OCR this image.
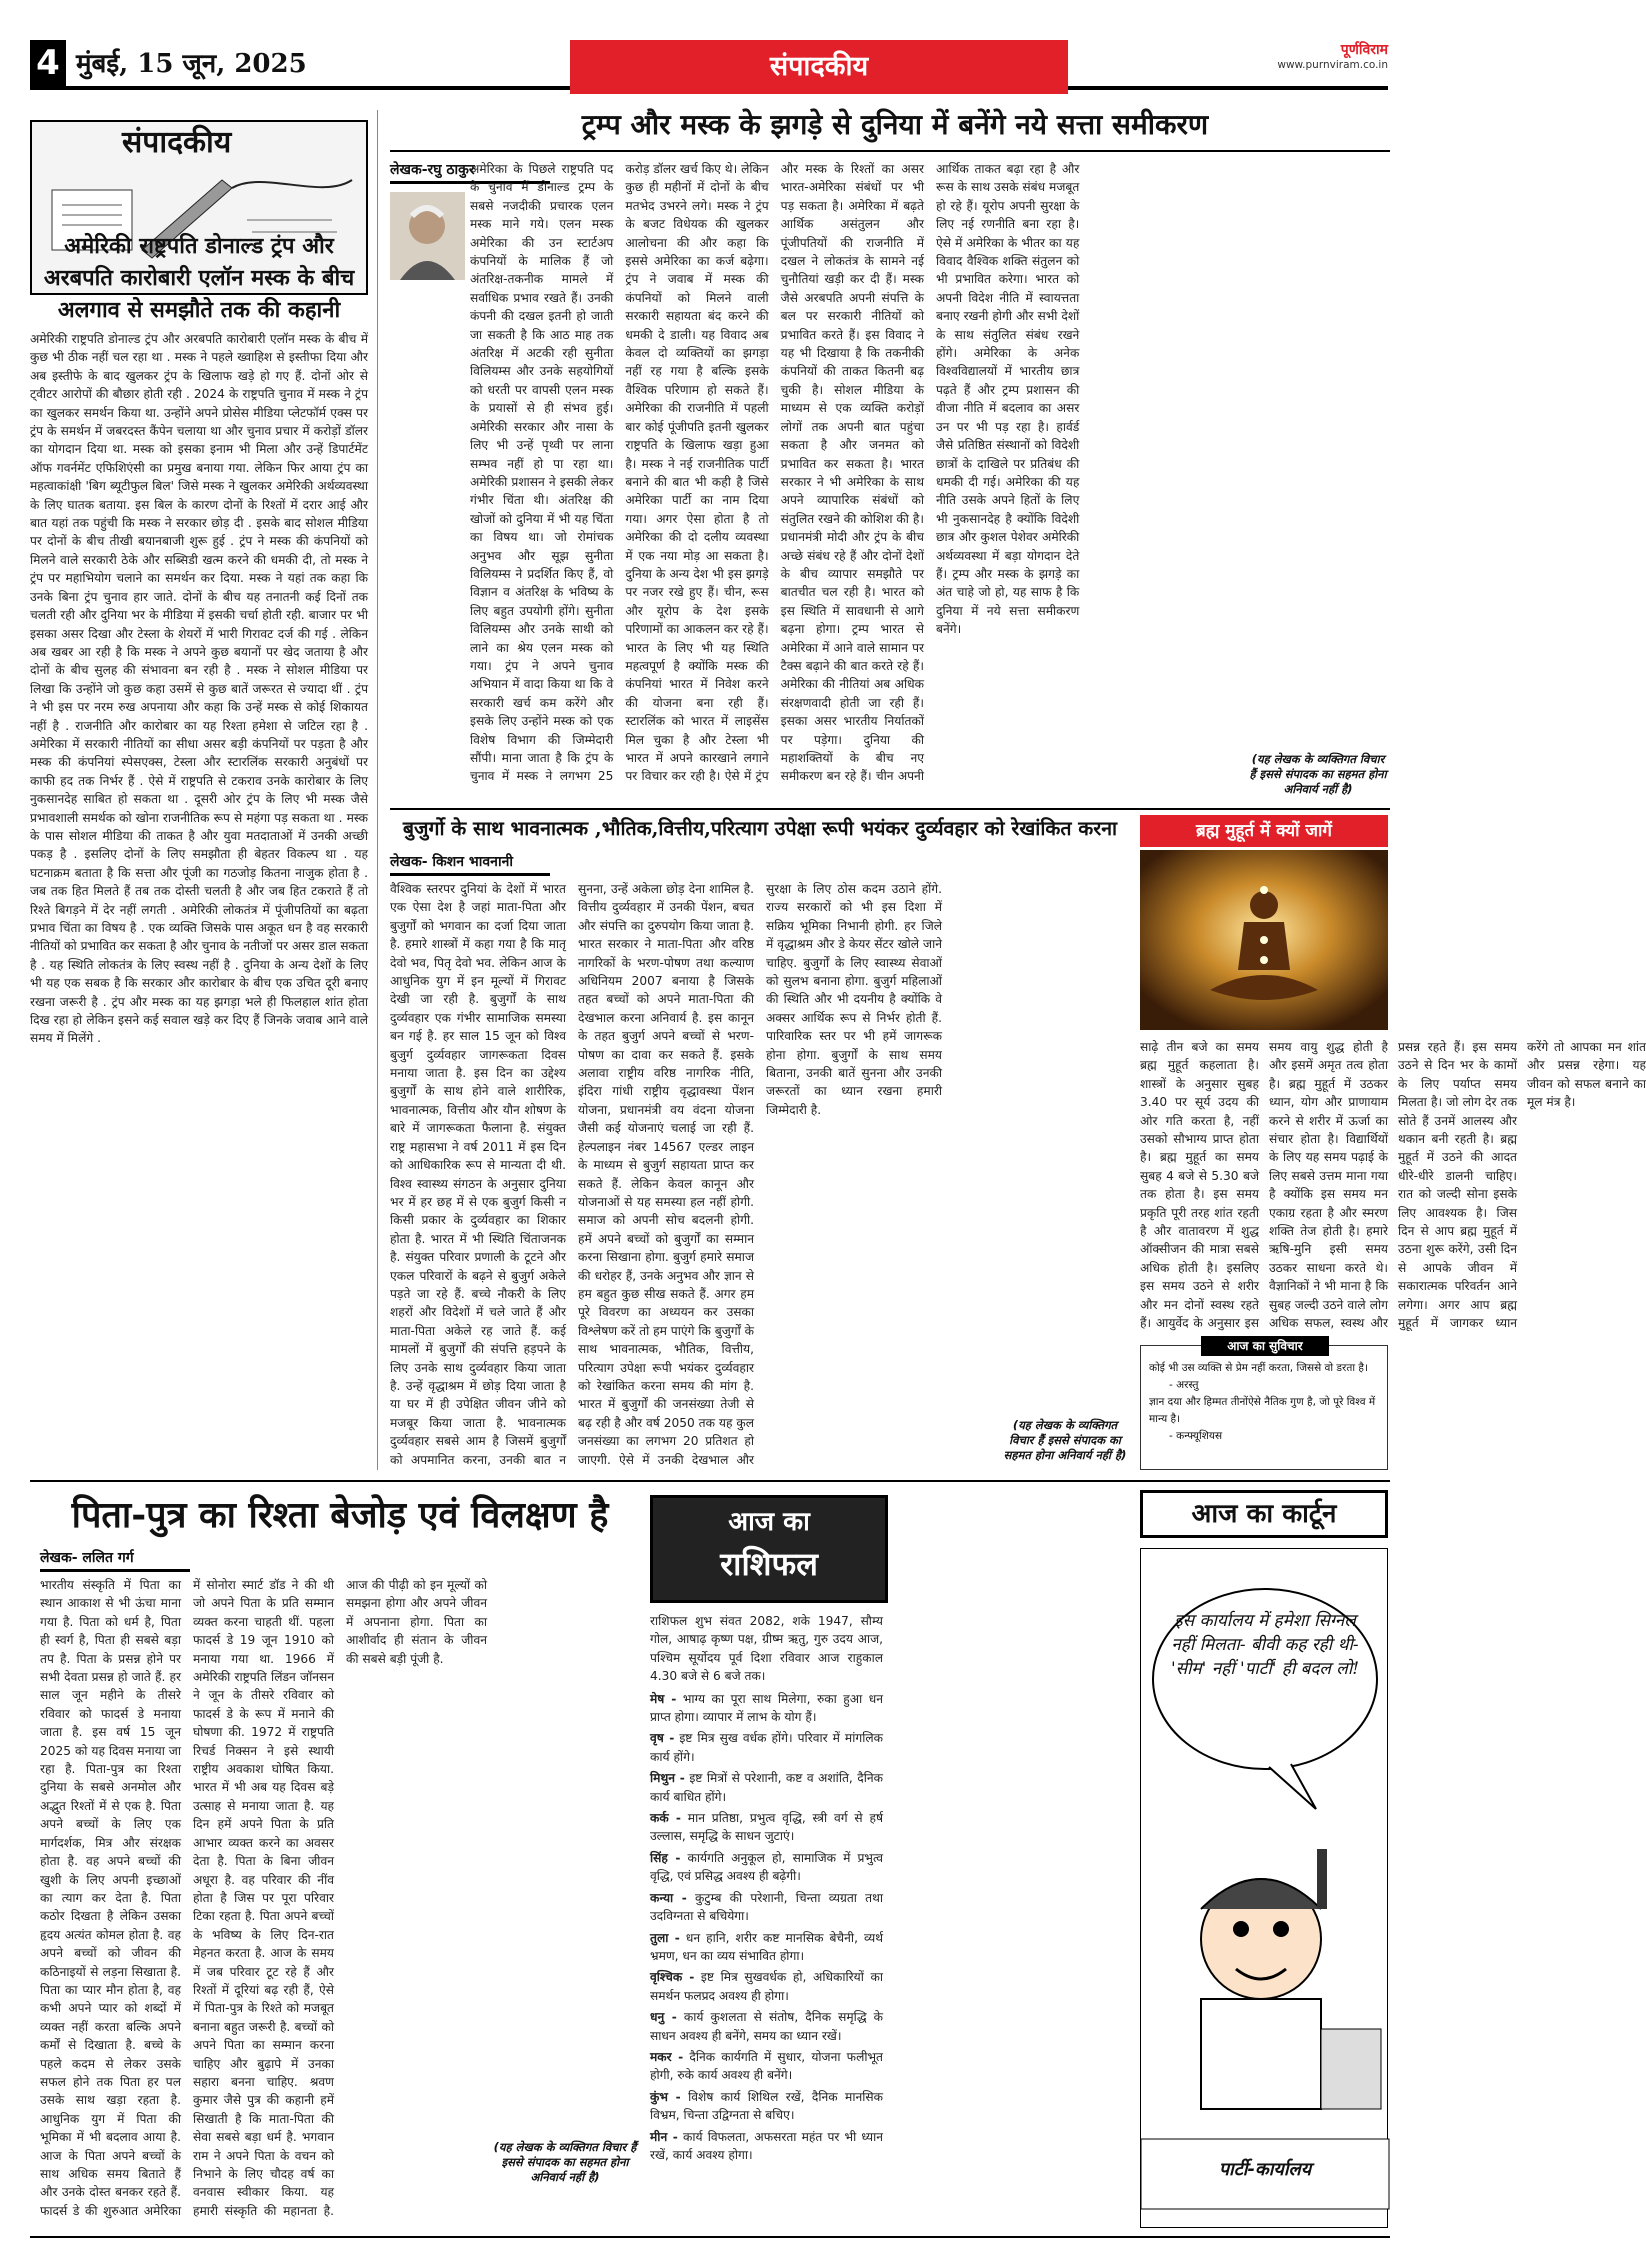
4 मुंबई, 15 जून, 2025	संपादकीय
पूर्णविराम
www.purnviram.co.in
संपादकीय
अमेरिकी राष्ट्रपति डोनाल्ड ट्रंप और अरबपति कारोबारी एलॉन मस्क के बीच अलगाव से समझौते तक की कहानी
अमेरिकी राष्ट्रपति डोनाल्ड ट्रंप और अरबपति कारोबारी एलॉन मस्क के बीच में कुछ भी ठीक नहीं चल रहा था . मस्क ने पहले ख्वाहिश से इस्तीफा दिया और अब इस्तीफे के बाद खुलकर ट्रंप के खिलाफ खड़े हो गए हैं. दोनों ओर से ट्वीटर आरोपों की बौछार होती रही . 2024 के राष्ट्रपति चुनाव में मस्क ने ट्रंप का खुलकर समर्थन किया था. उन्होंने अपने प्रोसेस मीडिया प्लेटफॉर्म एक्स पर ट्रंप के समर्थन में जबरदस्त कैंपेन चलाया था और चुनाव प्रचार में करोड़ों डॉलर का योगदान दिया था. मस्क को इसका इनाम भी मिला और उन्हें डिपार्टमेंट ऑफ गवर्नमेंट एफिशिएंसी का प्रमुख बनाया गया. लेकिन फिर आया ट्रंप का महत्वाकांक्षी 'बिग ब्यूटीफुल बिल' जिसे मस्क ने खुलकर अमेरिकी अर्थव्यवस्था के लिए घातक बताया. इस बिल के कारण दोनों के रिश्तों में दरार आई और बात यहां तक पहुंची कि मस्क ने सरकार छोड़ दी . इसके बाद सोशल मीडिया पर दोनों के बीच तीखी बयानबाजी शुरू हुई . ट्रंप ने मस्क की कंपनियों को मिलने वाले सरकारी ठेके और सब्सिडी खत्म करने की धमकी दी, तो मस्क ने ट्रंप पर महाभियोग चलाने का समर्थन कर दिया. मस्क ने यहां तक कहा कि उनके बिना ट्रंप चुनाव हार जाते. दोनों के बीच यह तनातनी कई दिनों तक चलती रही और दुनिया भर के मीडिया में इसकी चर्चा होती रही. बाजार पर भी इसका असर दिखा और टेस्ला के शेयरों में भारी गिरावट दर्ज की गई . लेकिन अब खबर आ रही है कि मस्क ने अपने कुछ बयानों पर खेद जताया है और दोनों के बीच सुलह की संभावना बन रही है . मस्क ने सोशल मीडिया पर लिखा कि उन्होंने जो कुछ कहा उसमें से कुछ बातें जरूरत से ज्यादा थीं . ट्रंप ने भी इस पर नरम रुख अपनाया और कहा कि उन्हें मस्क से कोई शिकायत नहीं है . राजनीति और कारोबार का यह रिश्ता हमेशा से जटिल रहा है . अमेरिका में सरकारी नीतियों का सीधा असर बड़ी कंपनियों पर पड़ता है और मस्क की कंपनियां स्पेसएक्स, टेस्ला और स्टारलिंक सरकारी अनुबंधों पर काफी हद तक निर्भर हैं . ऐसे में राष्ट्रपति से टकराव उनके कारोबार के लिए नुकसानदेह साबित हो सकता था . दूसरी ओर ट्रंप के लिए भी मस्क जैसे प्रभावशाली समर्थक को खोना राजनीतिक रूप से महंगा पड़ सकता था . मस्क के पास सोशल मीडिया की ताकत है और युवा मतदाताओं में उनकी अच्छी पकड़ है . इसलिए दोनों के लिए समझौता ही बेहतर विकल्प था . यह घटनाक्रम बताता है कि सत्ता और पूंजी का गठजोड़ कितना नाजुक होता है . जब तक हित मिलते हैं तब तक दोस्ती चलती है और जब हित टकराते हैं तो रिश्ते बिगड़ने में देर नहीं लगती . अमेरिकी लोकतंत्र में पूंजीपतियों का बढ़ता प्रभाव चिंता का विषय है . एक व्यक्ति जिसके पास अकूत धन है वह सरकारी नीतियों को प्रभावित कर सकता है और चुनाव के नतीजों पर असर डाल सकता है . यह स्थिति लोकतंत्र के लिए स्वस्थ नहीं है . दुनिया के अन्य देशों के लिए भी यह एक सबक है कि सरकार और कारोबार के बीच एक उचित दूरी बनाए रखना जरूरी है . ट्रंप और मस्क का यह झगड़ा भले ही फिलहाल शांत होता दिख रहा हो लेकिन इसने कई सवाल खड़े कर दिए हैं जिनके जवाब आने वाले समय में मिलेंगे .
ट्रम्प और मस्क के झगड़े से दुनिया में बनेंगे नये सत्ता समीकरण
लेखक-रघु ठाकुर
अमेरिका के पिछले राष्ट्रपति पद के चुनाव में डोनाल्ड ट्रम्प के सबसे नजदीकी प्रचारक एलन मस्क माने गये। एलन मस्क अमेरिका की उन स्टार्टअप कंपनियों के मालिक हैं जो अंतरिक्ष-तकनीक मामले में सर्वाधिक प्रभाव रखते हैं। उनकी कंपनी की दखल इतनी हो जाती जा सकती है कि आठ माह तक अंतरिक्ष में अटकी रही सुनीता विलियम्स और उनके सहयोगियों को धरती पर वापसी एलन मस्क के प्रयासों से ही संभव हुई। अमेरिकी सरकार और नासा के लिए भी उन्हें पृथ्वी पर लाना सम्भव नहीं हो पा रहा था। अमेरिकी प्रशासन ने इसकी लेकर गंभीर चिंता थी। अंतरिक्ष की खोजों को दुनिया में भी यह चिंता का विषय था। जो रोमांचक अनुभव और सूझ सुनीता विलियम्स ने प्रदर्शित किए हैं, वो विज्ञान व अंतरिक्ष के भविष्य के लिए बहुत उपयोगी होंगे। सुनीता विलियम्स और उनके साथी को लाने का श्रेय एलन मस्क को गया। ट्रंप ने अपने चुनाव अभियान में वादा किया था कि वे सरकारी खर्च कम करेंगे और इसके लिए उन्होंने मस्क को एक विशेष विभाग की जिम्मेदारी सौंपी। माना जाता है कि ट्रंप के चुनाव में मस्क ने लगभग 25 करोड़ डॉलर खर्च किए थे। लेकिन कुछ ही महीनों में दोनों के बीच मतभेद उभरने लगे। मस्क ने ट्रंप के बजट विधेयक की खुलकर आलोचना की और कहा कि इससे अमेरिका का कर्ज बढ़ेगा। ट्रंप ने जवाब में मस्क की कंपनियों को मिलने वाली सरकारी सहायता बंद करने की धमकी दे डाली। यह विवाद अब केवल दो व्यक्तियों का झगड़ा नहीं रह गया है बल्कि इसके वैश्विक परिणाम हो सकते हैं। अमेरिका की राजनीति में पहली बार कोई पूंजीपति इतनी खुलकर राष्ट्रपति के खिलाफ खड़ा हुआ है। मस्क ने नई राजनीतिक पार्टी बनाने की बात भी कही है जिसे अमेरिका पार्टी का नाम दिया गया। अगर ऐसा होता है तो अमेरिका की दो दलीय व्यवस्था में एक नया मोड़ आ सकता है। दुनिया के अन्य देश भी इस झगड़े पर नजर रखे हुए हैं। चीन, रूस और यूरोप के देश इसके परिणामों का आकलन कर रहे हैं। भारत के लिए भी यह स्थिति महत्वपूर्ण है क्योंकि मस्क की कंपनियां भारत में निवेश करने की योजना बना रही हैं। स्टारलिंक को भारत में लाइसेंस मिल चुका है और टेस्ला भी भारत में अपने कारखाने लगाने पर विचार कर रही है। ऐसे में ट्रंप और मस्क के रिश्तों का असर भारत-अमेरिका संबंधों पर भी पड़ सकता है। अमेरिका में बढ़ते आर्थिक असंतुलन और पूंजीपतियों की राजनीति में दखल ने लोकतंत्र के सामने नई चुनौतियां खड़ी कर दी हैं। मस्क जैसे अरबपति अपनी संपत्ति के बल पर सरकारी नीतियों को प्रभावित करते हैं। इस विवाद ने यह भी दिखाया है कि तकनीकी कंपनियों की ताकत कितनी बढ़ चुकी है। सोशल मीडिया के माध्यम से एक व्यक्ति करोड़ों लोगों तक अपनी बात पहुंचा सकता है और जनमत को प्रभावित कर सकता है। भारत सरकार ने भी अमेरिका के साथ अपने व्यापारिक संबंधों को संतुलित रखने की कोशिश की है। प्रधानमंत्री मोदी और ट्रंप के बीच अच्छे संबंध रहे हैं और दोनों देशों के बीच व्यापार समझौते पर बातचीत चल रही है। भारत को इस स्थिति में सावधानी से आगे बढ़ना होगा। ट्रम्प भारत से अमेरिका में आने वाले सामान पर टैक्स बढ़ाने की बात करते रहे हैं। अमेरिका की नीतियां अब अधिक संरक्षणवादी होती जा रही हैं। इसका असर भारतीय निर्यातकों पर पड़ेगा। दुनिया की महाशक्तियों के बीच नए समीकरण बन रहे हैं। चीन अपनी आर्थिक ताकत बढ़ा रहा है और रूस के साथ उसके संबंध मजबूत हो रहे हैं। यूरोप अपनी सुरक्षा के लिए नई रणनीति बना रहा है। ऐसे में अमेरिका के भीतर का यह विवाद वैश्विक शक्ति संतुलन को भी प्रभावित करेगा। भारत को अपनी विदेश नीति में स्वायत्तता बनाए रखनी होगी और सभी देशों के साथ संतुलित संबंध रखने होंगे। अमेरिका के अनेक विश्वविद्यालयों में भारतीय छात्र पढ़ते हैं और ट्रम्प प्रशासन की वीजा नीति में बदलाव का असर उन पर भी पड़ रहा है। हार्वर्ड जैसे प्रतिष्ठित संस्थानों को विदेशी छात्रों के दाखिले पर प्रतिबंध की धमकी दी गई। अमेरिका की यह नीति उसके अपने हितों के लिए भी नुकसानदेह है क्योंकि विदेशी छात्र और कुशल पेशेवर अमेरिकी अर्थव्यवस्था में बड़ा योगदान देते हैं। ट्रम्प और मस्क के झगड़े का अंत चाहे जो हो, यह साफ है कि दुनिया में नये सत्ता समीकरण बनेंगे।
(यह लेखक के व्यक्तिगत विचार हैं इससे संपादक का सहमत होना अनिवार्य नहीं है)
बुजुर्गो के साथ भावनात्मक ,भौतिक,वित्तीय,परित्याग उपेक्षा रूपी भयंकर दुर्व्यवहार को रेखांकित करना
लेखक- किशन भावनानी
वैश्विक स्तरपर दुनियां के देशों में भारत एक ऐसा देश है जहां माता-पिता और बुजुर्गों को भगवान का दर्जा दिया जाता है. हमारे शास्त्रों में कहा गया है कि मातृ देवो भव, पितृ देवो भव. लेकिन आज के आधुनिक युग में इन मूल्यों में गिरावट देखी जा रही है. बुजुर्गों के साथ दुर्व्यवहार एक गंभीर सामाजिक समस्या बन गई है. हर साल 15 जून को विश्व बुजुर्ग दुर्व्यवहार जागरूकता दिवस मनाया जाता है. इस दिन का उद्देश्य बुजुर्गों के साथ होने वाले शारीरिक, भावनात्मक, वित्तीय और यौन शोषण के बारे में जागरूकता फैलाना है. संयुक्त राष्ट्र महासभा ने वर्ष 2011 में इस दिन को आधिकारिक रूप से मान्यता दी थी. विश्व स्वास्थ्य संगठन के अनुसार दुनिया भर में हर छह में से एक बुजुर्ग किसी न किसी प्रकार के दुर्व्यवहार का शिकार होता है. भारत में भी स्थिति चिंताजनक है. संयुक्त परिवार प्रणाली के टूटने और एकल परिवारों के बढ़ने से बुजुर्ग अकेले पड़ते जा रहे हैं. बच्चे नौकरी के लिए शहरों और विदेशों में चले जाते हैं और माता-पिता अकेले रह जाते हैं. कई मामलों में बुजुर्गों की संपत्ति हड़पने के लिए उनके साथ दुर्व्यवहार किया जाता है. उन्हें वृद्धाश्रम में छोड़ दिया जाता है या घर में ही उपेक्षित जीवन जीने को मजबूर किया जाता है. भावनात्मक दुर्व्यवहार सबसे आम है जिसमें बुजुर्गों को अपमानित करना, उनकी बात न सुनना, उन्हें अकेला छोड़ देना शामिल है. वित्तीय दुर्व्यवहार में उनकी पेंशन, बचत और संपत्ति का दुरुपयोग किया जाता है. भारत सरकार ने माता-पिता और वरिष्ठ नागरिकों के भरण-पोषण तथा कल्याण अधिनियम 2007 बनाया है जिसके तहत बच्चों को अपने माता-पिता की देखभाल करना अनिवार्य है. इस कानून के तहत बुजुर्ग अपने बच्चों से भरण-पोषण का दावा कर सकते हैं. इसके अलावा राष्ट्रीय वरिष्ठ नागरिक नीति, इंदिरा गांधी राष्ट्रीय वृद्धावस्था पेंशन योजना, प्रधानमंत्री वय वंदना योजना जैसी कई योजनाएं चलाई जा रही हैं. हेल्पलाइन नंबर 14567 एल्डर लाइन के माध्यम से बुजुर्ग सहायता प्राप्त कर सकते हैं. लेकिन केवल कानून और योजनाओं से यह समस्या हल नहीं होगी. समाज को अपनी सोच बदलनी होगी. हमें अपने बच्चों को बुजुर्गों का सम्मान करना सिखाना होगा. बुजुर्ग हमारे समाज की धरोहर हैं, उनके अनुभव और ज्ञान से हम बहुत कुछ सीख सकते हैं. अगर हम पूरे विवरण का अध्ययन कर उसका विश्लेषण करें तो हम पाएंगे कि बुजुर्गों के साथ भावनात्मक, भौतिक, वित्तीय, परित्याग उपेक्षा रूपी भयंकर दुर्व्यवहार को रेखांकित करना समय की मांग है. भारत में बुजुर्गों की जनसंख्या तेजी से बढ़ रही है और वर्ष 2050 तक यह कुल जनसंख्या का लगभग 20 प्रतिशत हो जाएगी. ऐसे में उनकी देखभाल और सुरक्षा के लिए ठोस कदम उठाने होंगे. राज्य सरकारों को भी इस दिशा में सक्रिय भूमिका निभानी होगी. हर जिले में वृद्धाश्रम और डे केयर सेंटर खोले जाने चाहिए. बुजुर्गों के लिए स्वास्थ्य सेवाओं को सुलभ बनाना होगा. बुजुर्ग महिलाओं की स्थिति और भी दयनीय है क्योंकि वे अक्सर आर्थिक रूप से निर्भर होती हैं. पारिवारिक स्तर पर भी हमें जागरूक होना होगा. बुजुर्गों के साथ समय बिताना, उनकी बातें सुनना और उनकी जरूरतों का ध्यान रखना हमारी जिम्मेदारी है.
(यह लेखक के व्यक्तिगत विचार हैं इससे संपादक का सहमत होना अनिवार्य नहीं है)
ब्रह्म मुहूर्त में क्यों जागें
साढ़े तीन बजे का समय ब्रह्म मुहूर्त कहलाता है। शास्त्रों के अनुसार सुबह 3.40 पर सूर्य उदय की ओर गति करता है, नहीं उसको सौभाग्य प्राप्त होता है। ब्रह्म मुहूर्त का समय सुबह 4 बजे से 5.30 बजे तक होता है। इस समय प्रकृति पूरी तरह शांत रहती है और वातावरण में शुद्ध ऑक्सीजन की मात्रा सबसे अधिक होती है। इसलिए इस समय उठने से शरीर और मन दोनों स्वस्थ रहते हैं। आयुर्वेद के अनुसार इस समय वायु शुद्ध होती है और इसमें अमृत तत्व होता है। ब्रह्म मुहूर्त में उठकर ध्यान, योग और प्राणायाम करने से शरीर में ऊर्जा का संचार होता है। विद्यार्थियों के लिए यह समय पढ़ाई के लिए सबसे उत्तम माना गया है क्योंकि इस समय मन एकाग्र रहता है और स्मरण शक्ति तेज होती है। हमारे ऋषि-मुनि इसी समय उठकर साधना करते थे। वैज्ञानिकों ने भी माना है कि सुबह जल्दी उठने वाले लोग अधिक सफल, स्वस्थ और प्रसन्न रहते हैं। इस समय उठने से दिन भर के कामों के लिए पर्याप्त समय मिलता है। जो लोग देर तक सोते हैं उनमें आलस्य और थकान बनी रहती है। ब्रह्म मुहूर्त में उठने की आदत धीरे-धीरे डालनी चाहिए। रात को जल्दी सोना इसके लिए आवश्यक है। जिस दिन से आप ब्रह्म मुहूर्त में उठना शुरू करेंगे, उसी दिन से आपके जीवन में सकारात्मक परिवर्तन आने लगेगा। अगर आप ब्रह्म मुहूर्त में जागकर ध्यान करेंगे तो आपका मन शांत और प्रसन्न रहेगा। यह जीवन को सफल बनाने का मूल मंत्र है।
आज का सुविचार
कोई भी उस व्यक्ति से प्रेम नहीं करता, जिससे वो डरता है।
- अरस्तु
ज्ञान दया और हिम्मत तीनोंऐसे नैतिक गुण है, जो पूरे विश्व में मान्य है।
- कन्फ्यूशियस
पिता-पुत्र का रिश्ता बेजोड़ एवं विलक्षण है
लेखक- ललित गर्ग
भारतीय संस्कृति में पिता का स्थान आकाश से भी ऊंचा माना गया है. पिता को धर्म है, पिता ही स्वर्ग है, पिता ही सबसे बड़ा तप है. पिता के प्रसन्न होने पर सभी देवता प्रसन्न हो जाते हैं. हर साल जून महीने के तीसरे रविवार को फादर्स डे मनाया जाता है. इस वर्ष 15 जून 2025 को यह दिवस मनाया जा रहा है. पिता-पुत्र का रिश्ता दुनिया के सबसे अनमोल और अद्भुत रिश्तों में से एक है. पिता अपने बच्चों के लिए एक मार्गदर्शक, मित्र और संरक्षक होता है. वह अपने बच्चों की खुशी के लिए अपनी इच्छाओं का त्याग कर देता है. पिता कठोर दिखता है लेकिन उसका हृदय अत्यंत कोमल होता है. वह अपने बच्चों को जीवन की कठिनाइयों से लड़ना सिखाता है. पिता का प्यार मौन होता है, वह कभी अपने प्यार को शब्दों में व्यक्त नहीं करता बल्कि अपने कर्मों से दिखाता है. बच्चे के पहले कदम से लेकर उसके सफल होने तक पिता हर पल उसके साथ खड़ा रहता है. आधुनिक युग में पिता की भूमिका में भी बदलाव आया है. आज के पिता अपने बच्चों के साथ अधिक समय बिताते हैं और उनके दोस्त बनकर रहते हैं. फादर्स डे की शुरुआत अमेरिका में सोनोरा स्मार्ट डॉड ने की थी जो अपने पिता के प्रति सम्मान व्यक्त करना चाहती थीं. पहला फादर्स डे 19 जून 1910 को मनाया गया था. 1966 में अमेरिकी राष्ट्रपति लिंडन जॉनसन ने जून के तीसरे रविवार को फादर्स डे के रूप में मनाने की घोषणा की. 1972 में राष्ट्रपति रिचर्ड निक्सन ने इसे स्थायी राष्ट्रीय अवकाश घोषित किया. भारत में भी अब यह दिवस बड़े उत्साह से मनाया जाता है. यह दिन हमें अपने पिता के प्रति आभार व्यक्त करने का अवसर देता है. पिता के बिना जीवन अधूरा है. वह परिवार की नींव होता है जिस पर पूरा परिवार टिका रहता है. पिता अपने बच्चों के भविष्य के लिए दिन-रात मेहनत करता है. आज के समय में जब परिवार टूट रहे हैं और रिश्तों में दूरियां बढ़ रही हैं, ऐसे में पिता-पुत्र के रिश्ते को मजबूत बनाना बहुत जरूरी है. बच्चों को अपने पिता का सम्मान करना चाहिए और बुढ़ापे में उनका सहारा बनना चाहिए. श्रवण कुमार जैसे पुत्र की कहानी हमें सिखाती है कि माता-पिता की सेवा सबसे बड़ा धर्म है. भगवान राम ने अपने पिता के वचन को निभाने के लिए चौदह वर्ष का वनवास स्वीकार किया. यह हमारी संस्कृति की महानता है. आज की पीढ़ी को इन मूल्यों को समझना होगा और अपने जीवन में अपनाना होगा. पिता का आशीर्वाद ही संतान के जीवन की सबसे बड़ी पूंजी है.
(यह लेखक के व्यक्तिगत विचार हैं इससे संपादक का सहमत होना अनिवार्य नहीं है)
आज का
राशिफल
राशिफल शुभ संवत 2082, शके 1947, सौम्य गोल, आषाढ़ कृष्ण पक्ष, ग्रीष्म ऋतु, गुरु उदय आज, पश्चिम सूर्योदय पूर्व दिशा रविवार आज राहुकाल 4.30 बजे से 6 बजे तक।
मेष - भाग्य का पूरा साथ मिलेगा, रुका हुआ धन प्राप्त होगा। व्यापार में लाभ के योग हैं।
वृष - इष्ट मित्र सुख वर्धक होंगे। परिवार में मांगलिक कार्य होंगे।
मिथुन - इष्ट मित्रों से परेशानी, कष्ट व अशांति, दैनिक कार्य बाधित होंगे।
कर्क - मान प्रतिष्ठा, प्रभुत्व वृद्धि, स्त्री वर्ग से हर्ष उल्लास, समृद्धि के साधन जुटाएं।
सिंह - कार्यगति अनुकूल हो, सामाजिक में प्रभुत्व वृद्धि, एवं प्रसिद्ध अवश्य ही बढ़ेगी।
कन्या - कुटुम्ब की परेशानी, चिन्ता व्यग्रता तथा उदविग्नता से बचियेगा।
तुला - धन हानि, शरीर कष्ट मानसिक बेचैनी, व्यर्थ भ्रमण, धन का व्यय संभावित होगा।
वृश्चिक - इष्ट मित्र सुखवर्धक हो, अधिकारियों का समर्थन फलप्रद अवश्य ही होगा।
धनु - कार्य कुशलता से संतोष, दैनिक समृद्धि के साधन अवश्य ही बनेंगे, समय का ध्यान रखें।
मकर - दैनिक कार्यगति में सुधार, योजना फलीभूत होगी, रुके कार्य अवश्य ही बनेंगे।
कुंभ - विशेष कार्य शिथिल रखें, दैनिक मानसिक विभ्रम, चिन्ता उद्विग्नता से बचिए।
मीन - कार्य विफलता, अफसरता महंत पर भी ध्यान रखें, कार्य अवश्य होगा।
आज का कार्टून
इस कार्यालय में हमेशा सिग्नल नहीं मिलता- बीवी कह रही थी- 'सीम' नहीं 'पार्टी' ही बदल लो!
पार्टी-कार्यालय
